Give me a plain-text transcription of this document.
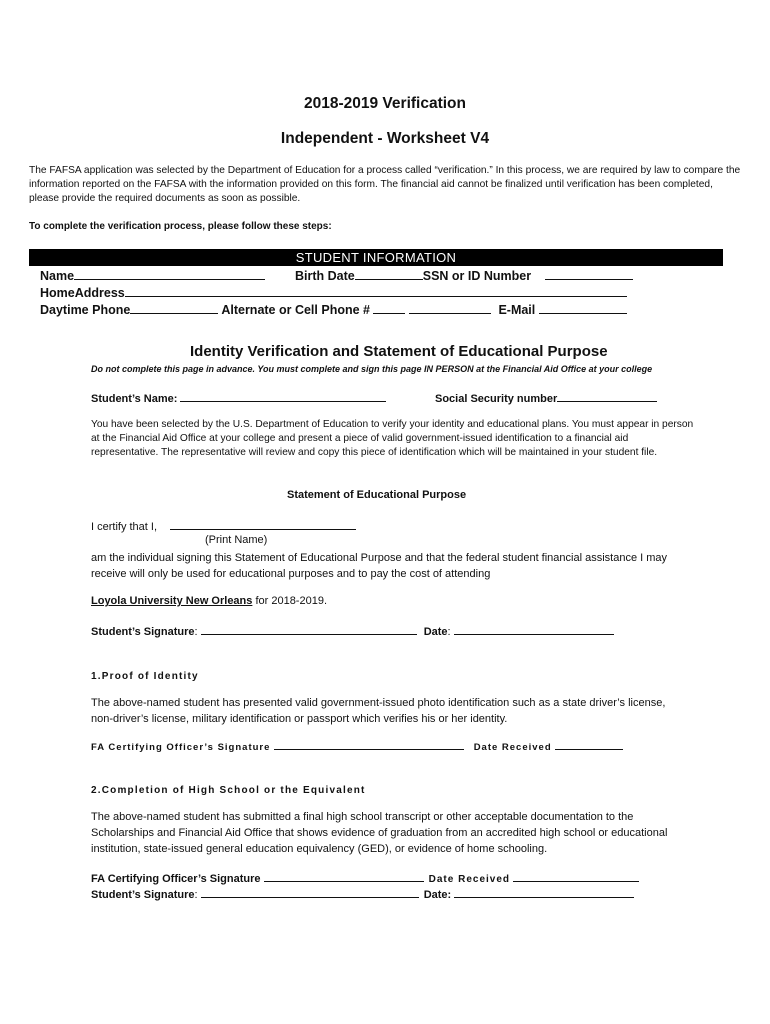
2018-2019 Verification
Independent - Worksheet V4
The FAFSA application was selected by the Department of Education for a process called “verification.” In this process, we are required by law to compare the information reported on the FAFSA with the information provided on this form. The financial aid cannot be finalized until verification has been completed, please provide the required documents as soon as possible.
To complete the verification process, please follow these steps:
STUDENT INFORMATION
Name	Birth Date	SSN or ID Number
HomeAddress
Daytime Phone	Alternate or Cell Phone #	E-Mail
Identity Verification and Statement of Educational Purpose
Do not complete this page in advance. You must complete and sign this page IN PERSON at the Financial Aid Office at your college
Student’s Name:	Social Security number
You have been selected by the U.S. Department of Education to verify your identity and educational plans. You must appear in person at the Financial Aid Office at your college and present a piece of valid government-issued identification to a financial aid representative. The representative will review and copy this piece of identification which will be maintained in your student file.
Statement of Educational Purpose
I certify that I,
(Print Name)
am the individual signing this Statement of Educational Purpose and that the federal student financial assistance I may receive will only be used for educational purposes and to pay the cost of attending
Loyola University New Orleans for 2018-2019.
Student’s Signature:	Date:
1.Proof of Identity
The above-named student has presented valid government-issued photo identification such as a state driver’s license, non-driver’s license, military identification or passport which verifies his or her identity.
FA Certifying Officer’s Signature	Date Received
2.Completion of High School or the Equivalent
The above-named student has submitted a final high school transcript or other acceptable documentation to the Scholarships and Financial Aid Office that shows evidence of graduation from an accredited high school or educational institution, state-issued general education equivalency (GED), or evidence of home schooling.
FA Certifying Officer’s Signature	Date Received
Student’s Signature:	Date:
